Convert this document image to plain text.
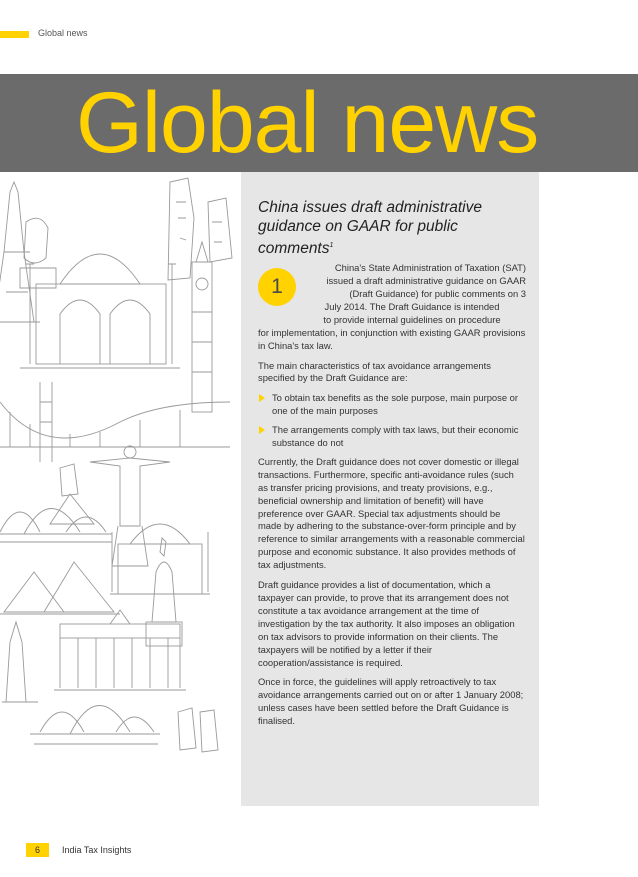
Global news
Global news

China issues draft administrative guidance on GAAR for public comments$^1$

1
China's State Administration of Taxation (SAT)
issued a draft administrative guidance on GAAR
(Draft Guidance) for public comments on 3
July 2014. The Draft Guidance is intended
to provide internal guidelines on procedure

for implementation, in conjunction with existing GAAR provisions in China's tax law.

The main characteristics of tax avoidance arrangements specified by the Draft Guidance are:

To obtain tax benefits as the sole purpose, main purpose or one of the main purposes
The arrangements comply with tax laws, but their economic substance do not

Currently, the Draft guidance does not cover domestic or illegal transactions. Furthermore, specific anti-avoidance rules (such as transfer pricing provisions, and treaty provisions, e.g., beneficial ownership and limitation of benefit) will have preference over GAAR. Special tax adjustments should be made by adhering to the substance-over-form principle and by reference to similar arrangements with a reasonable commercial purpose and economic substance. It also provides methods of tax adjustments.

Draft guidance provides a list of documentation, which a taxpayer can provide, to prove that its arrangement does not constitute a tax avoidance arrangement at the time of investigation by the tax authority. It also imposes an obligation on tax advisors to provide information on their clients. The taxpayers will be notified by a letter if their cooperation/assistance is required.

Once in force, the guidelines will apply retroactively to tax avoidance arrangements carried out on or after 1 January 2008; unless cases have been settled before the Draft Guidance is finalised.

6	India Tax Insights
